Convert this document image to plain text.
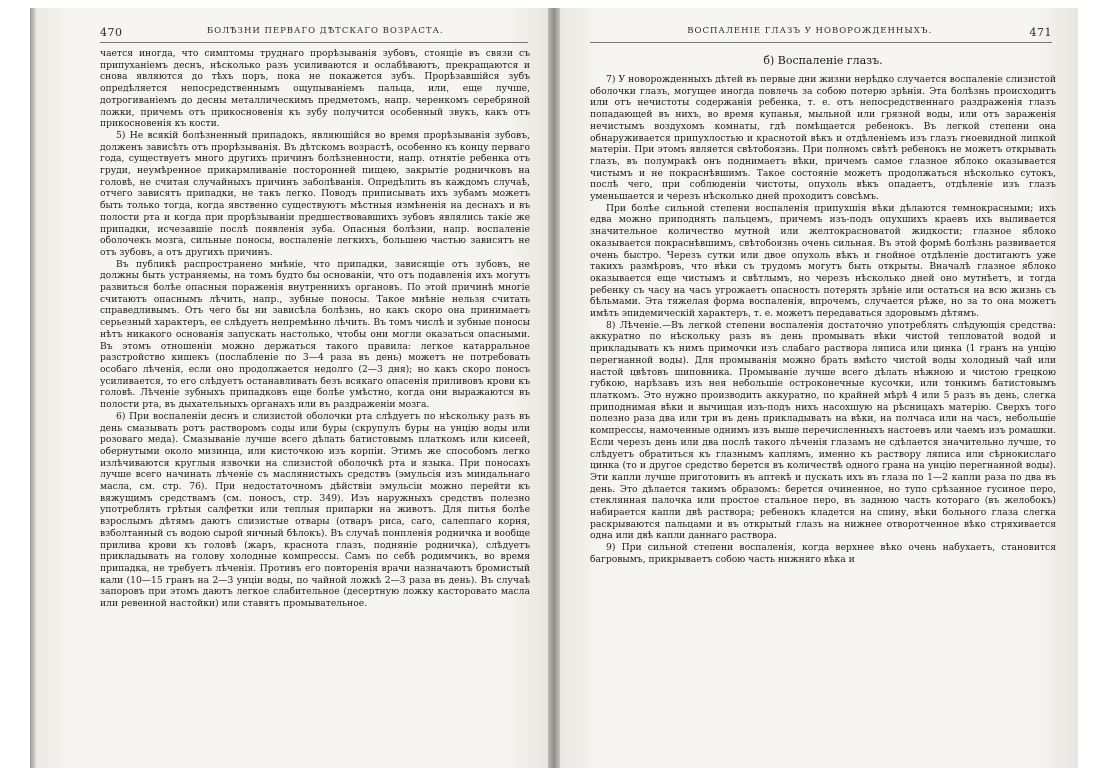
470	БОЛѢЗНИ ПЕРВАГО ДѢТСКАГО ВОЗРАСТА.

чается иногда, что симптомы труднаго прорѣзыванія зубовъ, стоящіе въ связи съ припуханіемъ деснъ, нѣсколько разъ усиливаются и ослабѣваютъ, прекращаются и снова являются до тѣхъ поръ, пока не покажется зубъ. Прорѣзавшійся зубъ опредѣляется непосредственнымъ ощупываніемъ пальца, или, еще лучше, дотрогиваніемъ до десны металлическимъ предметомъ, напр. черенкомъ серебряной ложки, причемъ отъ прикосновенія къ зубу получится особенный звукъ, какъ отъ прикосновенія къ кости.

5) Не всякій болѣзненный припадокъ, являющійся во время прорѣзыванія зубовъ, долженъ зависѣть отъ прорѣзыванія. Въ дѣтскомъ возрастѣ, особенно къ концу перваго года, существуетъ много другихъ причинъ болѣзненности, напр. отнятіе ребенка отъ груди, неумѣренное прикармливаніе посторонней пищею, закрытіе родничковъ на головѣ, не считая случайныхъ причинъ заболѣванія. Опредѣлить въ каждомъ случаѣ, отчего зависятъ припадки, не такъ легко. Поводъ приписывать ихъ зубамъ можетъ быть только тогда, когда явственно существуютъ мѣстныя измѣненія на деснахъ и въ полости рта и когда при прорѣзываніи предшествовавшихъ зубовъ являлись такіе же припадки, исчезавшіе послѣ появленія зуба. Опасныя болѣзни, напр. воспаленіе оболочекъ мозга, сильные поносы, воспаленіе легкихъ, большею частью зависятъ не отъ зубовъ, а отъ другихъ причинъ.

Въ публикѣ распространено мнѣніе, что припадки, зависящіе отъ зубовъ, не должны быть устраняемы, на томъ будто бы основаніи, что отъ подавленія ихъ могутъ развиться болѣе опасныя пораженія внутреннихъ органовъ. По этой причинѣ многіе считаютъ опаснымъ лѣчить, напр., зубные поносы. Такое мнѣніе нельзя считать справедливымъ. Отъ чего бы ни зависѣла болѣзнь, но какъ скоро она принимаетъ серьезный характеръ, ее слѣдуетъ непремѣнно лѣчить. Въ томъ числѣ и зубные поносы нѣтъ никакого основанія запускать настолько, чтобы они могли оказаться опасными. Въ этомъ отношеніи можно держаться такого правила: легкое катарральное разстройство кишекъ (послабленіе по 3—4 раза въ день) можетъ не потребовать особаго лѣченія, если оно продолжается недолго (2—3 дня); но какъ скоро поносъ усиливается, то его слѣдуетъ останавливать безъ всякаго опасенія приливовъ крови къ головѣ. Лѣченіе зубныхъ припадковъ еще болѣе умѣстно, когда они выражаются въ полости рта, въ дыхательныхъ органахъ или въ раздраженіи мозга.

6) При воспаленіи деснъ и слизистой оболочки рта слѣдуетъ по нѣскольку разъ въ день смазывать ротъ растворомъ соды или буры (скрупулъ буры на унцію воды или розоваго меда). Смазываніе лучше всего дѣлать батистовымъ платкомъ или кисеей, обернутыми около мизинца, или кисточкою изъ корпіи. Этимъ же способомъ легко излѣчиваются круглыя язвочки на слизистой оболочкѣ рта и языка. При поносахъ лучше всего начинать лѣченіе съ маслянистыхъ средствъ (эмульсія изъ миндальнаго масла, см. стр. 76). При недостаточномъ дѣйствіи эмульсіи можно перейти къ вяжущимъ средствамъ (см. поносъ, стр. 349). Изъ наружныхъ средствъ полезно употреблять грѣтыя салфетки или теплыя припарки на животъ. Для питья болѣе взрослымъ дѣтямъ даютъ слизистые отвары (отваръ риса, саго, салеппаго корня, взболтанный съ водою сырой яичный бѣлокъ). Въ случаѣ понпленія родничка и вообще прилива крови къ головѣ (жаръ, краснота глазъ, подняніе родничка), слѣдуетъ прикладывать на голову холодные компрессы. Самъ по себѣ родимчикъ, во время припадка, не требуетъ лѣченія. Противъ его повторенія врачи назначаютъ бромистый кали (10—15 гранъ на 2—3 унціи воды, по чайной ложкѣ 2—3 раза въ день). Въ случаѣ запоровъ при этомъ даютъ легкое слабительное (десертную ложку касторовато масла или ревенной настойки) или ставятъ промывательное.

ВОСПАЛЕНІЕ ГЛАЗЪ У НОВОРОЖДЕННЫХЪ.	471
б) Воспаленіе глазъ.

7) У новорожденныхъ дѣтей въ первые дни жизни нерѣдко случается воспаленіе слизистой оболочки глазъ, могущее иногда повлечь за собою потерю зрѣнія. Эта болѣзнь происходитъ или отъ нечистоты содержанія ребенка, т. е. отъ непосредственнаго раздраженія глазъ попадающей въ нихъ, во время купанья, мыльной или грязной воды, или отъ зараженія нечистымъ воздухомъ комнаты, гдѣ помѣщается ребенокъ. Въ легкой степени она обнаруживается припухлостью и краснотой вѣкъ и отдѣленіемъ изъ глазъ гноевидной липкой матеріи. При этомъ является свѣтобоязнь. При полномъ свѣтѣ ребенокъ не можетъ открывать глазъ, въ полумракѣ онъ поднимаетъ вѣки, причемъ самое глазное яблоко оказывается чистымъ и не покраснѣвшимъ. Такое состояніе можетъ продолжаться нѣсколько сутокъ, послѣ чего, при соблюденіи чистоты, опухоль вѣкъ опадаетъ, отдѣленіе изъ глазъ уменьшается и черезъ нѣсколько дней проходитъ совсѣмъ.

При болѣе сильной степени воспаленія припухшія вѣки дѣлаются темнокрасными; ихъ едва можно приподнять пальцемъ, причемъ изъ-подъ опухшихъ краевъ ихъ выливается значительное количество мутной или желтокрасноватой жидкости; глазное яблоко оказывается покраснѣвшимъ, свѣтобоязнь очень сильная. Въ этой формѣ болѣзнь развивается очень быстро. Черезъ сутки или двое опухоль вѣкъ и гнойное отдѣленіе достигаютъ уже такихъ размѣровъ, что вѣки съ трудомъ могутъ быть открыты. Вначалѣ глазное яблоко оказывается еще чистымъ и свѣтлымъ, но черезъ нѣсколько дней оно мутнѣетъ, и тогда ребенку съ часу на часъ угрожаетъ опасность потерять зрѣніе или остаться на всю жизнь съ бѣльмами. Эта тяжелая форма воспаленія, впрочемъ, случается рѣже, но за то она можетъ имѣть эпидемическій характеръ, т. е. можетъ передаваться здоровымъ дѣтямъ.

8) Лѣченіе.—Въ легкой степени воспаленія достаточно употреблять слѣдующія средства: аккуратно по нѣскольку разъ въ день промывать вѣки чистой тепловатой водой и прикладывать къ нимъ примочки изъ слабаго раствора ляписа или цинка (1 гранъ на унцію перегнанной воды). Для промыванія можно брать вмѣсто чистой воды холодный чай или настой цвѣтовъ шиповника. Промываніе лучше всего дѣлать нѣжною и чистою грецкою губкою, нарѣзавъ изъ нея небольшіе остроконечные кусочки, или тонкимъ батистовымъ платкомъ. Это нужно производить аккуратно, по крайней мѣрѣ 4 или 5 разъ въ день, слегка приподнимая вѣки и вычищая изъ-подъ нихъ насохшую на рѣсницахъ матерію. Сверхъ того полезно раза два или три въ день прикладывать на вѣки, на полчаса или на часъ, небольшіе компрессы, намоченные однимъ изъ выше перечисленныхъ настоевъ или чаемъ изъ ромашки. Если черезъ день или два послѣ такого лѣченія глазамъ не сдѣлается значительно лучше, то слѣдуетъ обратиться къ глазнымъ каплямъ, именно къ раствору ляписа или сѣрнокислаго цинка (то и другое средство берется въ количествѣ одного грана на унцію перегнанной воды). Эти капли лучше приготовить въ аптекѣ и пускать ихъ въ глаза по 1—2 капли раза по два въ день. Это дѣлается такимъ образомъ: берется очиненное, но тупо срѣзанное гусиное перо, стеклянная палочка или простое стальное перо, въ заднюю часть котораго (въ желобокъ) набирается капли двѣ раствора; ребенокъ кладется на спину, вѣки больного глаза слегка раскрываются пальцами и въ открытый глазъ на нижнее отворотченное вѣко стряхивается одна или двѣ капли даннаго раствора.

9) При сильной степени воспаленія, когда верхнее вѣко очень набухаетъ, становится багровымъ, прикрываетъ собою часть нижняго вѣка и
